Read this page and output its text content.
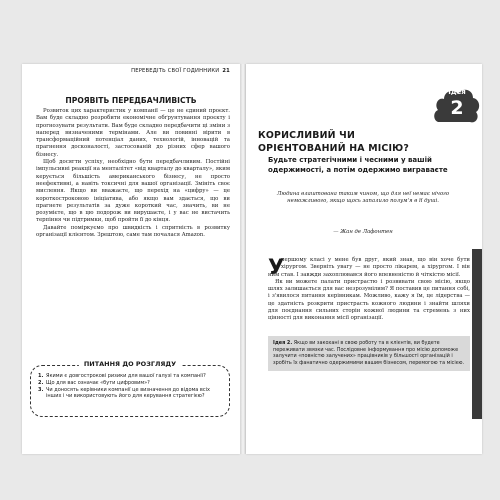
ПЕРЕВЕДІТЬ СВОЇ ГОДИННИКИ 21
ПРОЯВІТЬ ПЕРЕДБАЧЛИВІСТЬ

Розвиток цих характеристик у компанії — це не єдиний проєкт. Вам буде складно розробити економічне обґрунтування проєкту і прогнозувати результати. Вам буде складно передбачити ці зміни з наперед визначеними термінами. Але ви повинні вірити в трансформаційний потенціал даних, технологій, інновацій та прагнення досконалості, застосованій до різних сфер вашого бізнесу.

Щоб досягти успіху, необхідно бути передбачливим. Постійні імпульсивні реакції на менталітет «від кварталу до кварталу», яким керується більшість американського бізнесу, не просто неефективні, а навіть токсичні для вашої організації. Змініть своє мислення. Якщо ви вважаєте, що перехід на «цифру» — це короткостроковою ініціатива, або якщо вам здається, що ви прагнете результатів за дуже короткий час, значить, ви не розумієте, що в цю подорож ви вирушаєте, і у вас не вистачить терпіння чи підтримки, щоб пройти її до кінця.

Давайте поміркуємо про швидкість і спритність в розвитку організації клієнтом. Зрештою, саме там почалася Amazon.

ПИТАННЯ ДО РОЗГЛЯДУ
1. Якими є довгострокові ризики для вашої галузі та компанії?
2. Що для вас означає «бути цифровим»?
3. Чи доносять керівники компанії це визначення до відома всіх інших і чи використовують його для керування стратегією?
Ідея
2
КОРИСЛИВИЙ ЧИ ОРІЄНТОВАНИЙ НА МІСІЮ?
Будьте стратегічними і чесними у вашій одержимості, а потім одержимо виграваєте
Людина влаштована таким чином, що для неї немає нічого неможливого, якщо щось запалило полум'я в її душі.
— Жан де Лафонтен
У

першому класі у мене був друг, який знав, що він хоче бути хірургом. Зверніть увагу — не просто лікарем, а хірургом. І він ним став. І завжди захоплювався його впевненістю й чіткістю місії.

Як ви можете палати пристрастю і розвивати свою місію, якщо шлях залишається для вас незрозумілим? Я поставив це питання собі, і з'явилося питання керівникам. Можливо, кажу я їм, це лідерства — це здатність розкрити пристрасть кожного людини і знайти шляхи для поєднання сильних сторін кожної людини та стремень з них цінності для виконання місії організації.

Ідея 2. Якщо ви закохані в свою роботу та в клієнтів, ви будете переживати звязки час. Послідовне інформування про місію допоможе залучити «повністю залучених» працівників у більшості організацій і зробіть їх фанатично одержимими вашим бізнесом, перемогою та місією.
